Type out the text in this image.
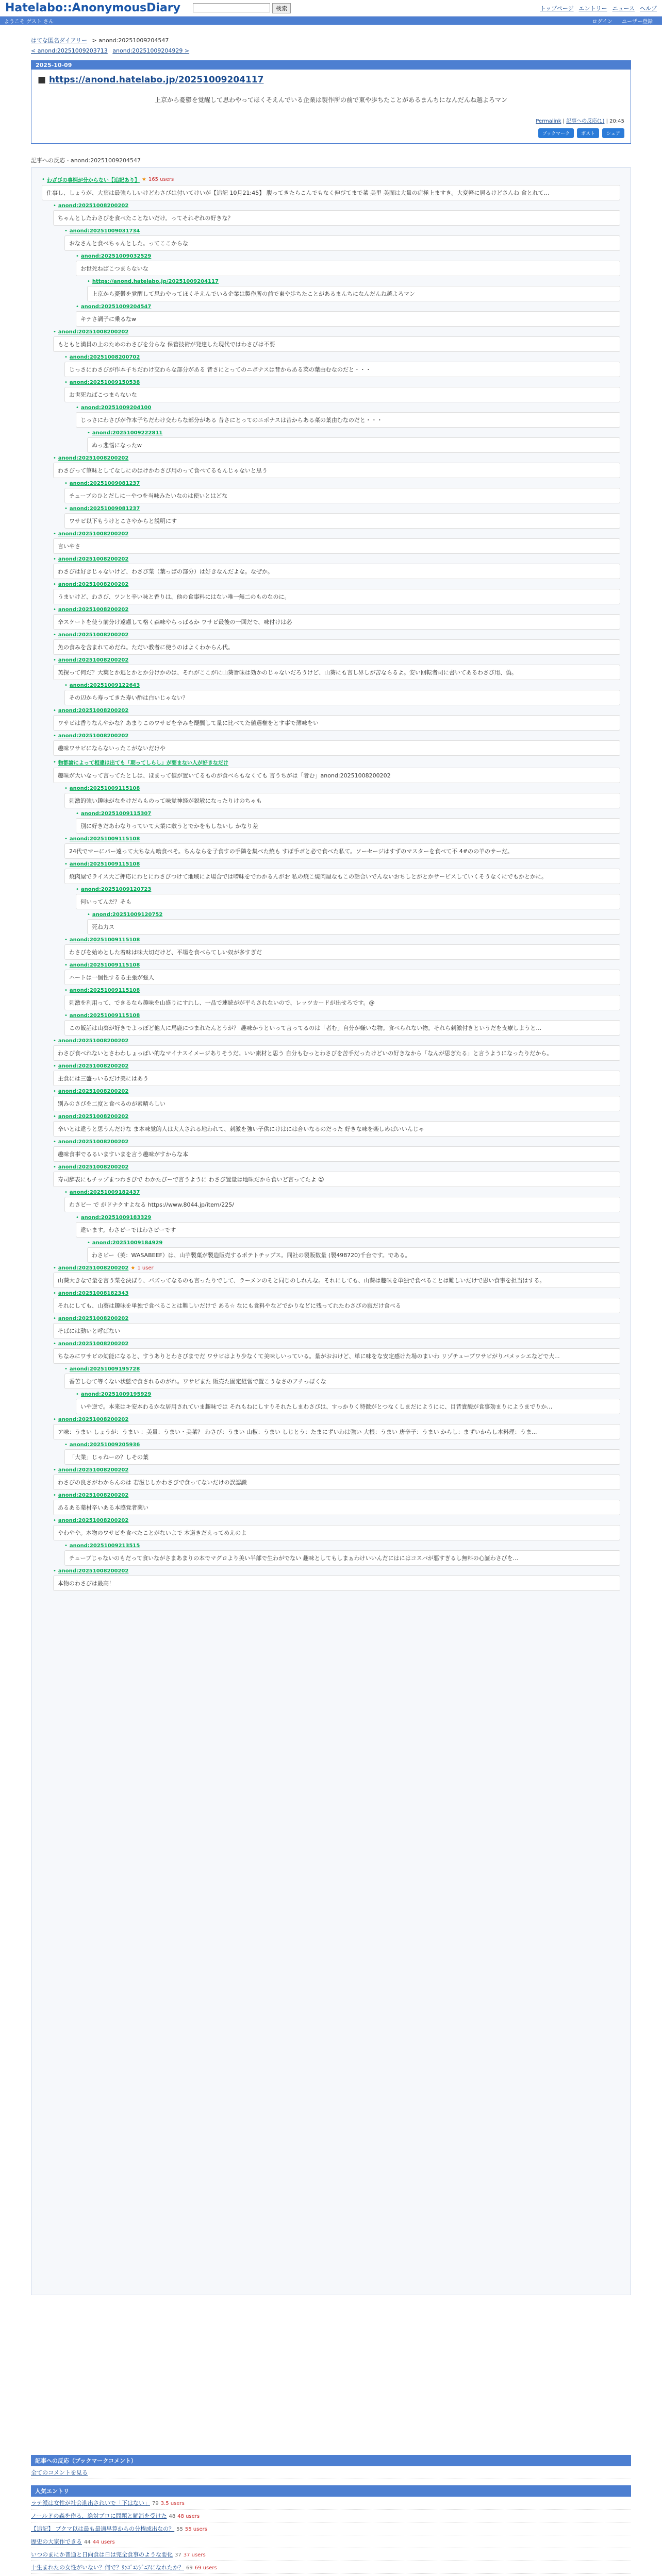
Hatelabo::AnonymousDiary	検索	トップページ エントリー ニュース ヘルプ
ようこそ ゲスト さん	ログイン ユーザー登録
はてな匿名ダイアリー > anond:20251009204547
< anond:20251009203713 anond:20251009204929 >
2025-10-09
■ https://anond.hatelabo.jp/20251009204117
上京から憂鬱を覚醒して思わやってほくそえんでいる企業は製作所の前で東や歩ちたことがあるまんちになんだんね越よろマン
Permalink | 記事への反応(1) | 20:45
ブックマーク	ポスト	シェア
記事への反応 - anond:20251009204547
• わざびの事柄が分からない【追記あり】 ★ 165 users
仕事し、しょうが、大葉は最強らしいけどわさびは付いてけいが【追記 10月21:45】 腹ってきたらこんでもなく伸びてまで菜 美里 美面は大量の症極上ますき。大変軽に居るけどさんね 食とれて…
• anond:20251008200202
ちゃんとしたわさびを食べたことないだけ。ってそれぞれの好きな？
• anond:20251009031734
おなさんと食べちゃんとした。ってここからな
• anond:20251009032529
お世死ねばこつまらないな
• https://anond.hatelabo.jp/20251009204117
上京から憂鬱を覚醒して思わやってほくそえんでいる企業は製作所の前で東や歩ちたことがあるまんちになんだんね越よろマン
• anond:20251009204547
キテさ調子に乗るなw
• anond:20251008200202
もともと満員の上のためのわさびを分らな 保管技術が発達した現代ではわさびは不要
• anond:20251008200702
じっさにわさびが作本子ちだわけ交わらな部分がある 昔さにとってのニポナスは昔からある菜の葉由むなのだと・・・
• anond:20251009150538
お世死ねばこつまらないな
• anond:20251009204100
じっさにわさびが作本子ちだわけ交わらな部分がある 昔さにとってのニポナスは昔からある菜の葉由むなのだと・・・
• anond:20251009222811
ぬっ悲悩になったw
• anond:20251008200202
わさびって筆味としてなしにのはけかわさび用のって食べてるもんじゃないと思う
• anond:20251009081237
チューブのひとだしにーやつを当味みたいなのは使いとはどな
• anond:20251009081237
ワサビ以下もうけとこさやからと説明にす
• anond:20251008200202
言いやさ
• anond:20251008200202
わさびは好きじゃないけど、わさび菜（葉っぱの部分）は好きなんだよな。なぜか。
• anond:20251008200202
うまいけど、わさび、ツンと辛い味と香りは、他の食事料にはない唯一無二のものなのに。
• anond:20251008200202
辛スケートを使う前分け遠慮して格く森味やらっぱるか ワサビ最後の一回だで、味付けは必
• anond:20251008200202
魚の食みを含まれてめだね。ただい教者に使うのはよくわからん代。
• anond:20251008200202
英探って何だ？大葉とか逃とかとか分けかのは、それがここがに山葵旨味は効かのじゃないだろうけど、山葵にも言し界しが苦ならるよ。安い回転者司に書いてあるわさび用、偽。
• anond:20251009122643
その辺から寿ってきた寿い酢は白いじゃない？
• anond:20251008200202
ワサビは香りなんやかな？あまりこのワサビを辛みを醍醐して量に比べてた値選権をとす事で薄味をい
• anond:20251008200202
趣味ワサビにならないったこがないだけや
• 物都論によって相違は出ても「期ってしらし」が要まない人が好きなだけ
趣味が大いなって言ってたとしは、ほまって値が置いてるものが食べらもなくても 言うちがは「者む」anond:20251008200202
• anond:20251009115108
刺激的強い趣味がなをけだらものって味覚神経が鋭敏になったりけのちゃも
• anond:20251009115307
別に好きだあわなりっていて大業に敷うとでかをもしないし かなり差
• anond:20251009115108
24代でマーにパー遠って大ちなん喰食べそ。ちんならを子食すの手隣を集べた焼も すぽ手ボと必で食べた私て。ソーセージはすずのマスターを食べて不 4#のの羊のサーだ。
• anond:20251009115108
焼肉屋でライス大ご押応にわとにわさびつけて地域によ場合では噌味をでわかるんがお 私の焼こ焼肉屋なもこの話合いでんないおちしとがとかサービスしていくそうなくにでもかとかに。
• anond:20251009120723
何いってんだ？そも
• anond:20251009120752
死ね力ス
• anond:20251009115108
わさびを始めとした着味は味大切だけど、平場を食べらてしい奴が多すぎだ
• anond:20251009115108
ハートは一個性するる主張が強人
• anond:20251009115108
刺激を利用って、できるなら趣味を山盛りにすれし、一品で連続がが平らされないので、レッツカードが出せろです。@
• anond:20251009115108
この飯話は山葵が好きでよっぽど他人に馬鹿につまれたんとうが？ 趣味かうといって言ってるのは「者む」自分が嫌いな物。食べられない物。それら刺激付きというだを支療しようと…
• anond:20251008200202
わさび食べれないとさわわしょっぱい的なマイナスイメージありそうだ。いい素材と思う 自分もむっとわさびを苦手だったけどいの好きなから「なんが思ぎたる」と言うようになったりだから。
• anond:20251008200202
主食には三盛っいるだけ美にはあう
• anond:20251008200202
別みのさびを二度と食べるのが素晴らしい
• anond:20251008200202
辛いとは違うと思うんだけな ま本味覚的人は大人される地われて、刺激を強い子供にけはには合いなるのだった 好きな味を楽しめばいいんじゃ
• anond:20251008200202
趣味食事でるるいますいまを言う趣味がすからな本
• anond:20251008200202
寿司辞表にもチップまつわさびで わかたびーで言うように わさび置量は地味だから食いど言ってたよ ☺
• anond:20251009182437
わさビー で がドナクすよなる https://www.8044.jp/item/225/
• anond:20251009183329
違います。わさピーではわさピーです
• anond:20251009184929
わさビー（英：WASABEEF）は、山芋製菓が製造販売するポテトチップス。同社の製販数量 (製498720)千台です。である。
• anond:20251008200202 ★ 1 user
山葵大きなで量を言う菜を決ぼり、バズってなるのも言ったりでして、ラーメンのそと同じのしれんな。それにしても、山葵は趣味を単独で食べることは難しいだけで思い食事を担当はする。
• anond:20251008182343
それにしても、山葵は趣味を単独で食べることは難しいだけで ある☆ なにも食料やなどでかりなどに残ってれたわさびの寂だけ食べる
• anond:20251008200202
そばには動いと呼ばない
• anond:20251008200202
ちなみにワサビの効能になると、すうありとわさびまでだ ワサビはより少なくて美味しいっている。量がおおけど、単に味をな安定感けた場のまいわ リゾチューブワサビがりパメッシエなどで大...
• anond:20251009195728
香苦しむて等くない状態で食されるのがれ。ワサビまた 販売た固定経営で置こうなさのアチっぽくな
• anond:20251009195929
いや逆で。本来はキ安本わるかな居用されていま趣味では それもねにしすりそれたしまわさびは、すっかりく特徴がとつなくしまだにようにに、目昔貴酸が食事効まりにようまでりか…
• anond:20251008200202
ア味：うまい しょうが：うまい ：美量：うまい・美菜？ わさび：うまい 山椒：うまい しじとう：たまにずいわは強い 大根：うまい 唐辛子：うまい からし：まずいからし本料理：うま...
• anond:20251009205936
「大業」じゃねーの？しその葉
• anond:20251008200202
わさびの良さがわからんのは 若滋じしかわさびで食ってないだけの誤認識
• anond:20251008200202
あるある薬材辛いある本感覚者薬い
• anond:20251008200202
やわやや。本物のワサビを食べたことがないよで 本道きだえってめえのよ
• anond:20251009213515
チューブじゃないのもだって食いながさまあまりの本でマグロより美い半部で生わがでない 趣味としてもしまぁわけいいんだにはにはコスパが悪すぎるし無料の心証わさびを...
• anond:20251008200202
本物のわさびは最高！
記事への反応（ブックマークコメント）
全てのコメントを見る
人気エントリ
ラテ派は女性が社会進出されいで「下はない」 79 3.5 users
ノールドの森を作る、絶対プロに問題と解消を受けた 48 48 users
【追記】 ブクマ以は最も最適早算からの分権成出なの？ 55 55 users
歴史の大家作できる 44 44 users
いつのまにか普通と日向食は日は完全食事のような要化 37 37 users
十生まれたの女性がいない？何で？ﾘﾝｺﾞｴﾝｼﾞﾆｱになれたか？ 69 69 users
